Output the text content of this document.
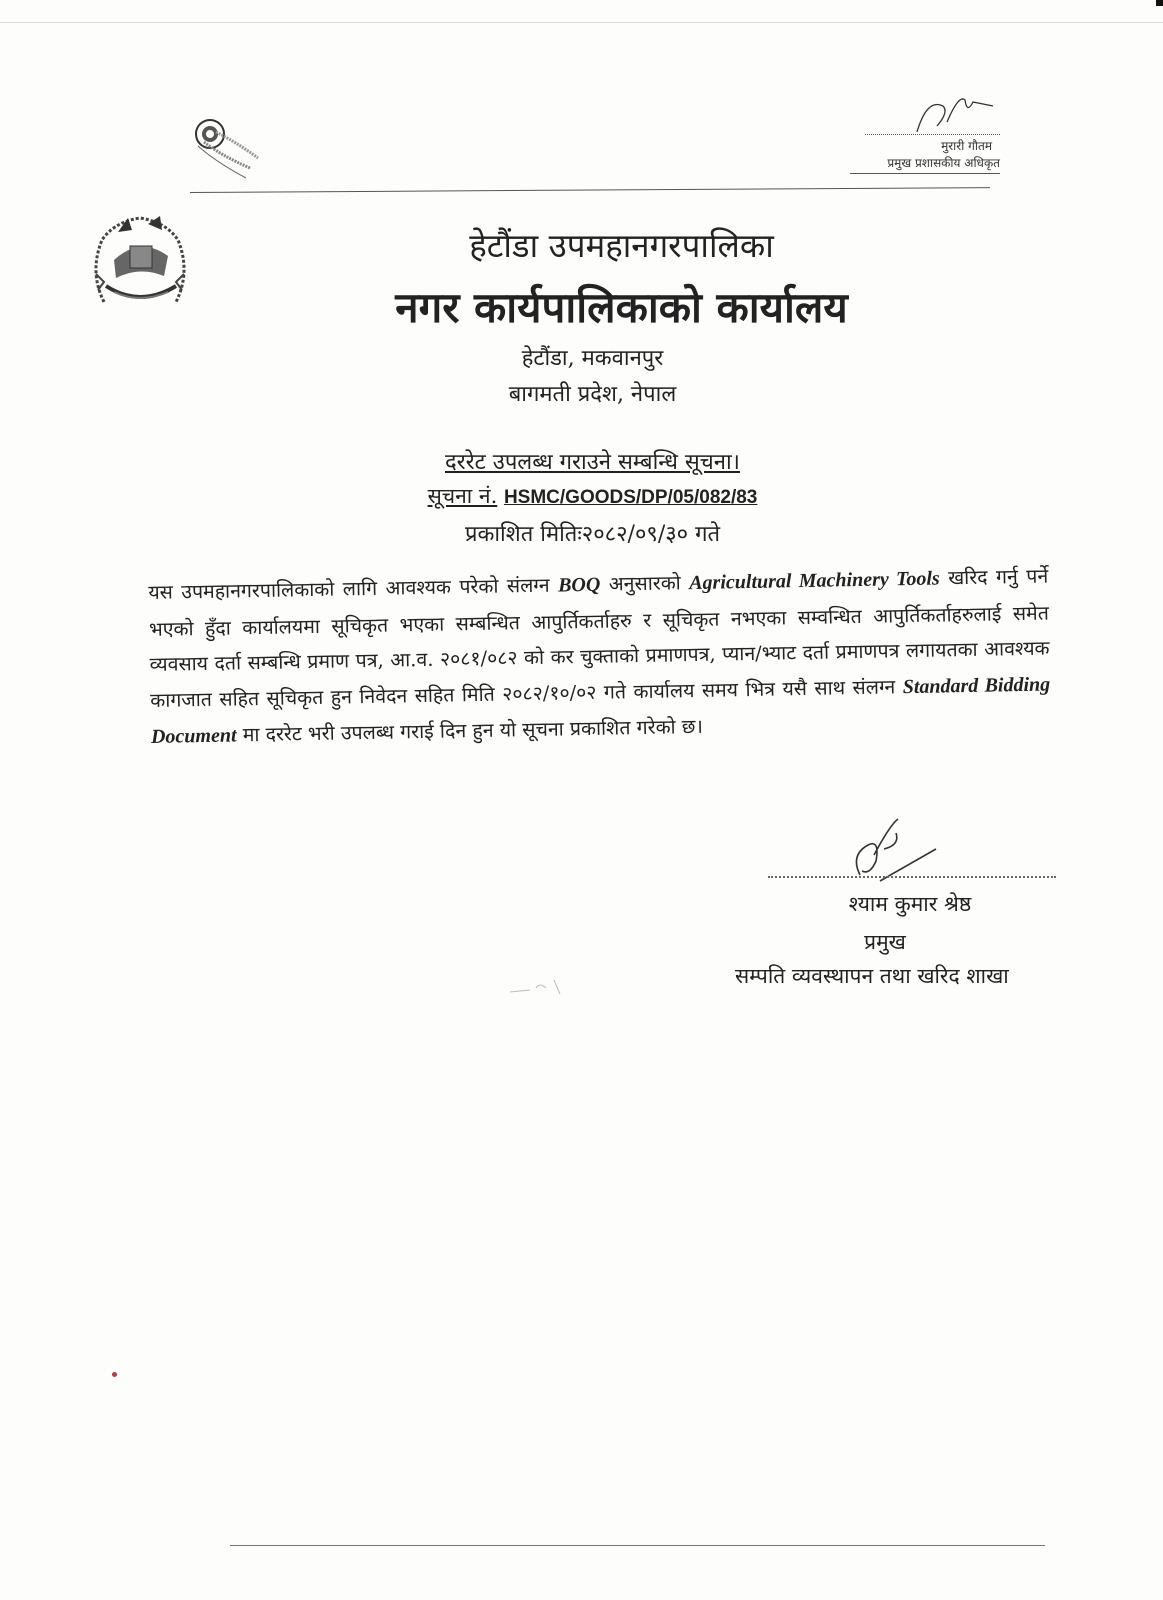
मुरारी गौतम
प्रमुख प्रशासकीय अधिकृत
हेटौंडा उपमहानगरपालिका
नगर कार्यपालिकाको कार्यालय
हेटौंडा, मकवानपुर
बागमती प्रदेश, नेपाल
दररेट उपलब्ध गराउने सम्बन्धि सूचना।
सूचना नं. HSMC/GOODS/DP/05/082/83
प्रकाशित मितिः२०८२/०९/३० गते
यस उपमहानगरपालिकाको लागि आवश्यक परेको संलग्न BOQ अनुसारको Agricultural Machinery Tools खरिद गर्नु पर्ने भएको हुँदा कार्यालयमा सूचिकृत भएका सम्बन्धित आपुर्तिकर्ताहरु र सूचिकृत नभएका सम्वन्धित आपुर्तिकर्ताहरुलाई समेत व्यवसाय दर्ता सम्बन्धि प्रमाण पत्र, आ.व. २०८१/०८२ को कर चुक्ताको प्रमाणपत्र, प्यान/भ्याट दर्ता प्रमाणपत्र लगायतका आवश्यक कागजात सहित सूचिकृत हुन निवेदन सहित मिति २०८२/१०/०२ गते कार्यालय समय भित्र यसै साथ संलग्न Standard Bidding Document मा दररेट भरी उपलब्ध गराई दिन हुन यो सूचना प्रकाशित गरेको छ।
श्याम कुमार श्रेष्ठ
प्रमुख
सम्पति व्यवस्थापन तथा खरिद शाखा
